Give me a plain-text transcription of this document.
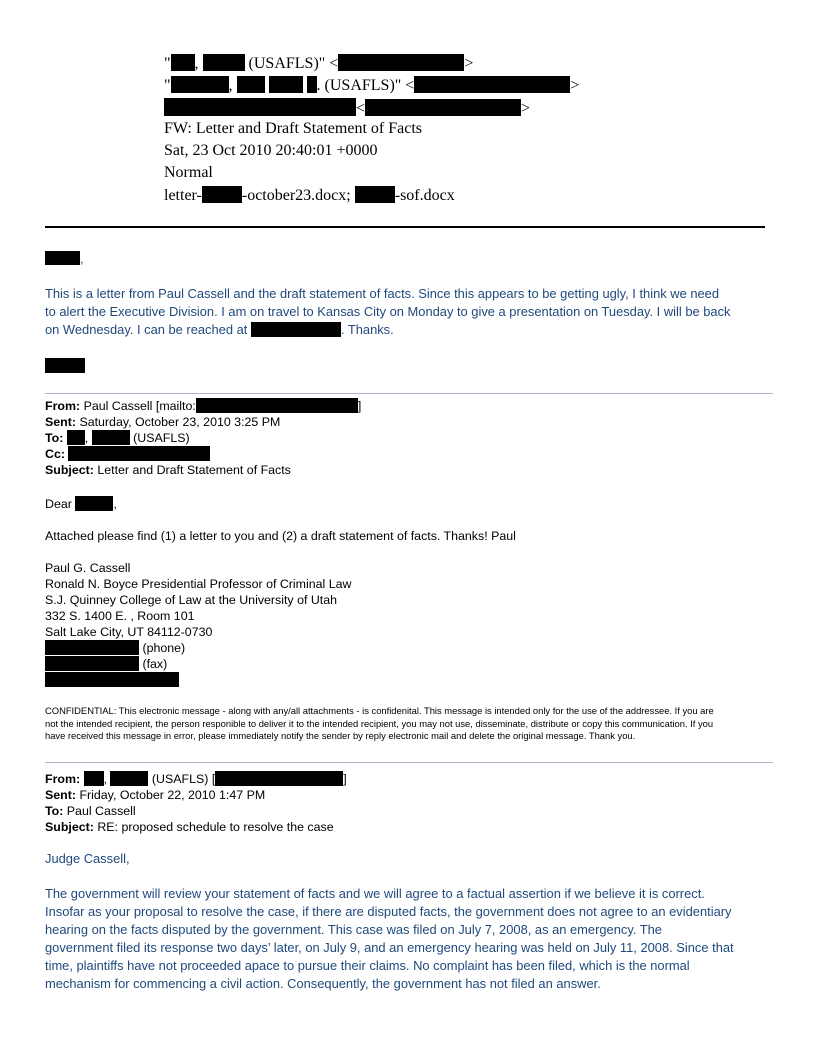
" ,	(USAFLS)" <	>
"	,	. (USAFLS)" <	>
<	>
FW: Letter and Draft Statement of Facts
Sat, 23 Oct 2010 20:40:01 +0000
Normal
letter-	-october23.docx;	-sof.docx
,
This is a letter from Paul Cassell and the draft statement of facts. Since this appears to be getting ugly, I think we need
to alert the Executive Division. I am on travel to Kansas City on Monday to give a presentation on Tuesday. I will be back
on Wednesday. I can be reached at	. Thanks.
From: Paul Cassell [mailto:	]
Sent: Saturday, October 23, 2010 3:25 PM
To: ,	(USAFLS)
Cc:
Subject: Letter and Draft Statement of Facts
Dear	,
Attached please find (1) a letter to you and (2) a draft statement of facts. Thanks! Paul
Paul G. Cassell
Ronald N. Boyce Presidential Professor of Criminal Law
S.J. Quinney College of Law at the University of Utah
332 S. 1400 E. , Room 101
Salt Lake City, UT 84112-0730
(phone)
(fax)
CONFIDENTIAL: This electronic message - along with any/all attachments - is confidenital. This message is intended only for the use of the addressee. If you are
not the intended recipient, the person responible to deliver it to the intended recipient, you may not use, disseminate, distribute or copy this communication. If you
have received this message in error, please immediately notify the sender by reply electronic mail and delete the original message. Thank you.
From: ,	(USAFLS) [	]
Sent: Friday, October 22, 2010 1:47 PM
To: Paul Cassell
Subject: RE: proposed schedule to resolve the case
Judge Cassell,
The government will review your statement of facts and we will agree to a factual assertion if we believe it is correct.
Insofar as your proposal to resolve the case, if there are disputed facts, the government does not agree to an evidentiary
hearing on the facts disputed by the government. This case was filed on July 7, 2008, as an emergency. The
government filed its response two days’ later, on July 9, and an emergency hearing was held on July 11, 2008. Since that
time, plaintiffs have not proceeded apace to pursue their claims. No complaint has been filed, which is the normal
mechanism for commencing a civil action. Consequently, the government has not filed an answer.
